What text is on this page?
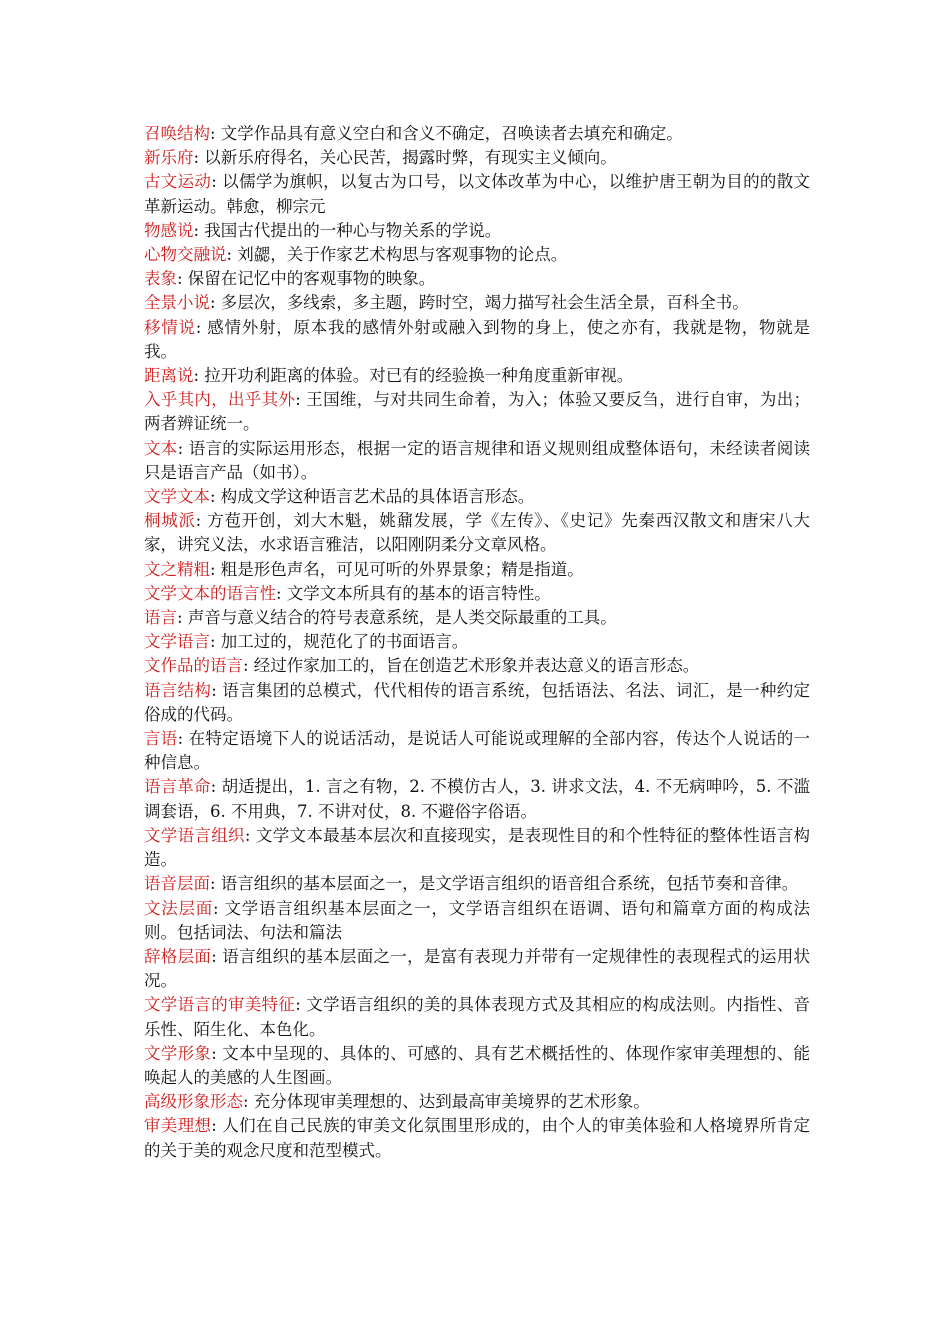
召唤结构: 文学作品具有意义空白和含义不确定，召唤读者去填充和确定。

新乐府: 以新乐府得名，关心民苦，揭露时弊，有现实主义倾向。

古文运动: 以儒学为旗帜，以复古为口号，以文体改革为中心，以维护唐王朝为目的的散文革新运动。韩愈，柳宗元

物感说: 我国古代提出的一种心与物关系的学说。

心物交融说: 刘勰，关于作家艺术构思与客观事物的论点。

表象: 保留在记忆中的客观事物的映象。

全景小说: 多层次，多线索，多主题，跨时空，竭力描写社会生活全景，百科全书。

移情说: 感情外射，原本我的感情外射或融入到物的身上，使之亦有，我就是物，物就是我。

距离说: 拉开功利距离的体验。对已有的经验换一种角度重新审视。

入乎其内，出乎其外: 王国维，与对共同生命着，为入；体验又要反刍，进行自审，为出；两者辨证统一。

文本: 语言的实际运用形态，根据一定的语言规律和语义规则组成整体语句，未经读者阅读只是语言产品（如书）。

文学文本: 构成文学这种语言艺术品的具体语言形态。

桐城派: 方苞开创，刘大木魁，姚鼐发展，学《左传》、《史记》先秦西汉散文和唐宋八大家，讲究义法，水求语言雅洁，以阳刚阴柔分文章风格。

文之精粗: 粗是形色声名，可见可听的外界景象；精是指道。

文学文本的语言性: 文学文本所具有的基本的语言特性。

语言: 声音与意义结合的符号表意系统，是人类交际最重的工具。

文学语言: 加工过的，规范化了的书面语言。

文作品的语言: 经过作家加工的，旨在创造艺术形象并表达意义的语言形态。

语言结构: 语言集团的总模式，代代相传的语言系统，包括语法、名法、词汇，是一种约定俗成的代码。

言语: 在特定语境下人的说话活动，是说话人可能说或理解的全部内容，传达个人说话的一种信息。

语言革命: 胡适提出，1. 言之有物，2. 不模仿古人，3. 讲求文法，4. 不无病呻吟，5. 不滥调套语，6. 不用典，7. 不讲对仗，8. 不避俗字俗语。

文学语言组织: 文学文本最基本层次和直接现实，是表现性目的和个性特征的整体性语言构造。

语音层面: 语言组织的基本层面之一，是文学语言组织的语音组合系统，包括节奏和音律。

文法层面: 文学语言组织基本层面之一，文学语言组织在语调、语句和篇章方面的构成法则。包括词法、句法和篇法

辞格层面: 语言组织的基本层面之一，是富有表现力并带有一定规律性的表现程式的运用状况。

文学语言的审美特征: 文学语言组织的美的具体表现方式及其相应的构成法则。内指性、音乐性、陌生化、本色化。

文学形象: 文本中呈现的、具体的、可感的、具有艺术概括性的、体现作家审美理想的、能唤起人的美感的人生图画。

高级形象形态: 充分体现审美理想的、达到最高审美境界的艺术形象。

审美理想: 人们在自己民族的审美文化氛围里形成的，由个人的审美体验和人格境界所肯定的关于美的观念尺度和范型模式。
